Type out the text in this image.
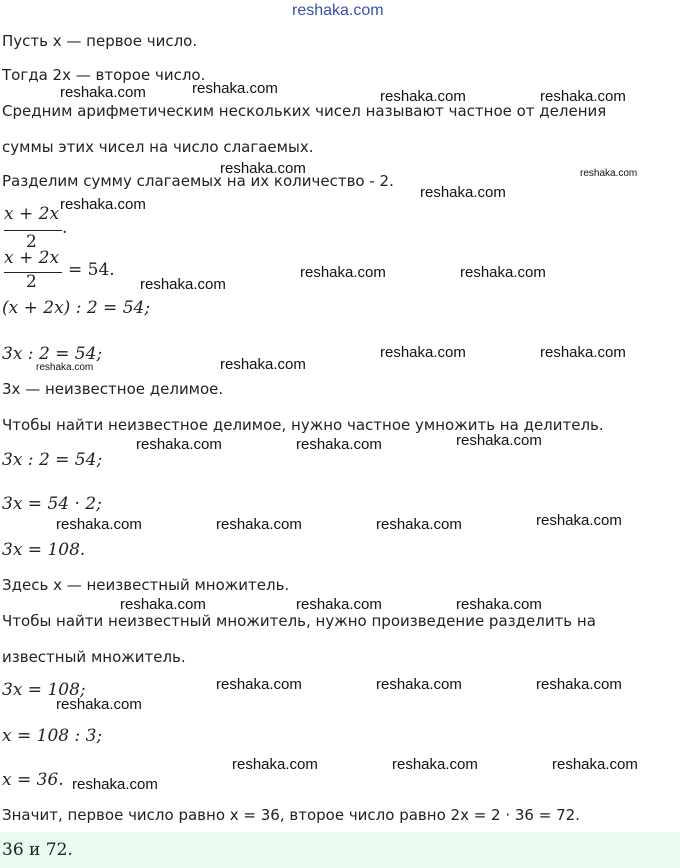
reshaka.com
Пусть x — первое число.
Тогда 2x — второе число.
Средним арифметическим нескольких чисел называют частное от деления
суммы этих чисел на число слагаемых.
Разделим сумму слагаемых на их количество - 2.
x + 2x
2
.
x + 2x
2
= 54.
(x + 2x) : 2 = 54;
3x : 2 = 54;
3x — неизвестное делимое.
Чтобы найти неизвестное делимое, нужно частное умножить на делитель.
3x : 2 = 54;
3x = 54 · 2;
3x = 108.
Здесь x — неизвестный множитель.
Чтобы найти неизвестный множитель, нужно произведение разделить на
известный множитель.
3x = 108;
x = 108 : 3;
x = 36.
Значит, первое число равно x = 36, второе число равно 2x = 2 · 36 = 72.
36 и 72.
reshaka.com	reshaka.com	reshaka.com	reshaka.com
reshaka.com
reshaka.com
reshaka.com
reshaka.com
reshaka.com	reshaka.com
reshaka.com
reshaka.com	reshaka.com
reshaka.com
reshaka.com
reshaka.com	reshaka.com	reshaka.com
reshaka.com	reshaka.com	reshaka.com	reshaka.com
reshaka.com	reshaka.com	reshaka.com
reshaka.com	reshaka.com	reshaka.com
reshaka.com
reshaka.com	reshaka.com	reshaka.com
reshaka.com
